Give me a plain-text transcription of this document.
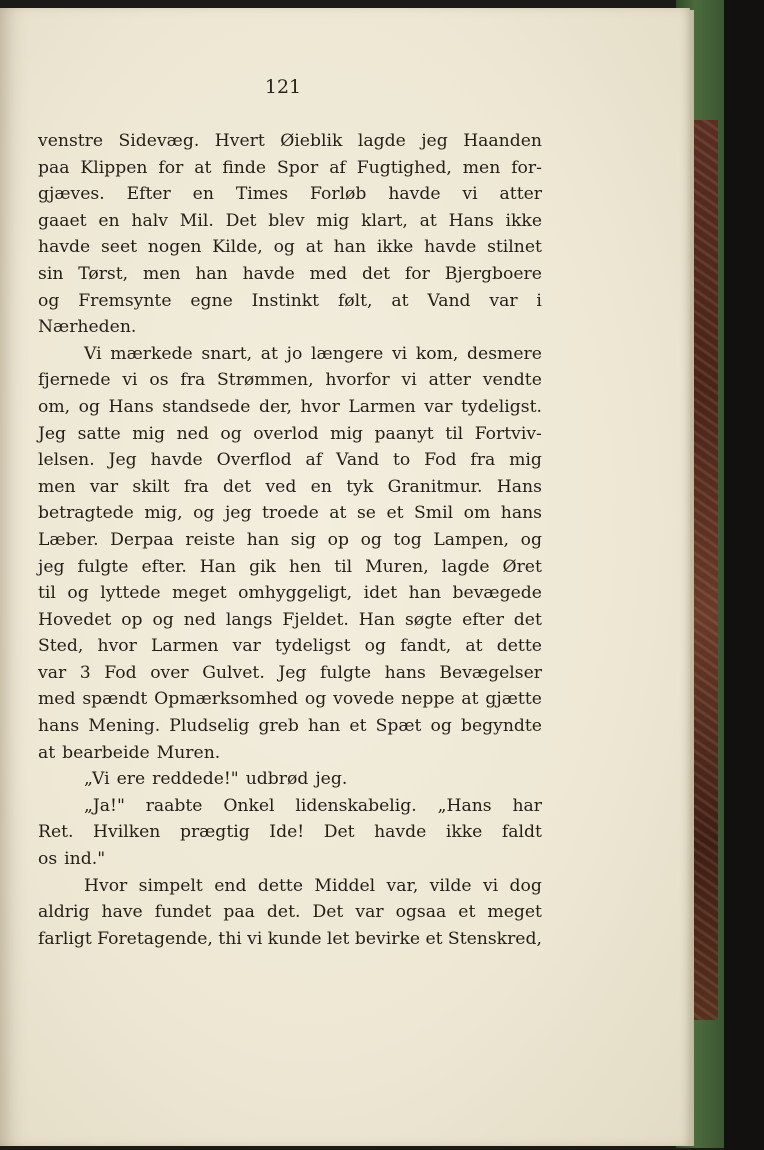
121
venstre Sidevæg. Hvert Øieblik lagde jeg Haanden
paa Klippen for at finde Spor af Fugtighed, men for-
gjæves. Efter en Times Forløb havde vi atter
gaaet en halv Mil. Det blev mig klart, at Hans ikke
havde seet nogen Kilde, og at han ikke havde stilnet
sin Tørst, men han havde med det for Bjergboere
og Fremsynte egne Instinkt følt, at Vand var i
Nærheden.
Vi mærkede snart, at jo længere vi kom, desmere
fjernede vi os fra Strømmen, hvorfor vi atter vendte
om, og Hans standsede der, hvor Larmen var tydeligst.
Jeg satte mig ned og overlod mig paanyt til Fortviv-
lelsen. Jeg havde Overflod af Vand to Fod fra mig
men var skilt fra det ved en tyk Granitmur. Hans
betragtede mig, og jeg troede at se et Smil om hans
Læber. Derpaa reiste han sig op og tog Lampen, og
jeg fulgte efter. Han gik hen til Muren, lagde Øret
til og lyttede meget omhyggeligt, idet han bevægede
Hovedet op og ned langs Fjeldet. Han søgte efter det
Sted, hvor Larmen var tydeligst og fandt, at dette
var 3 Fod over Gulvet. Jeg fulgte hans Bevægelser
med spændt Opmærksomhed og vovede neppe at gjætte
hans Mening. Pludselig greb han et Spæt og begyndte
at bearbeide Muren.
„Vi ere reddede!" udbrød jeg.
„Ja!" raabte Onkel lidenskabelig. „Hans har
Ret. Hvilken prægtig Ide! Det havde ikke faldt
os ind."
Hvor simpelt end dette Middel var, vilde vi dog
aldrig have fundet paa det. Det var ogsaa et meget
farligt Foretagende, thi vi kunde let bevirke et Stenskred,
